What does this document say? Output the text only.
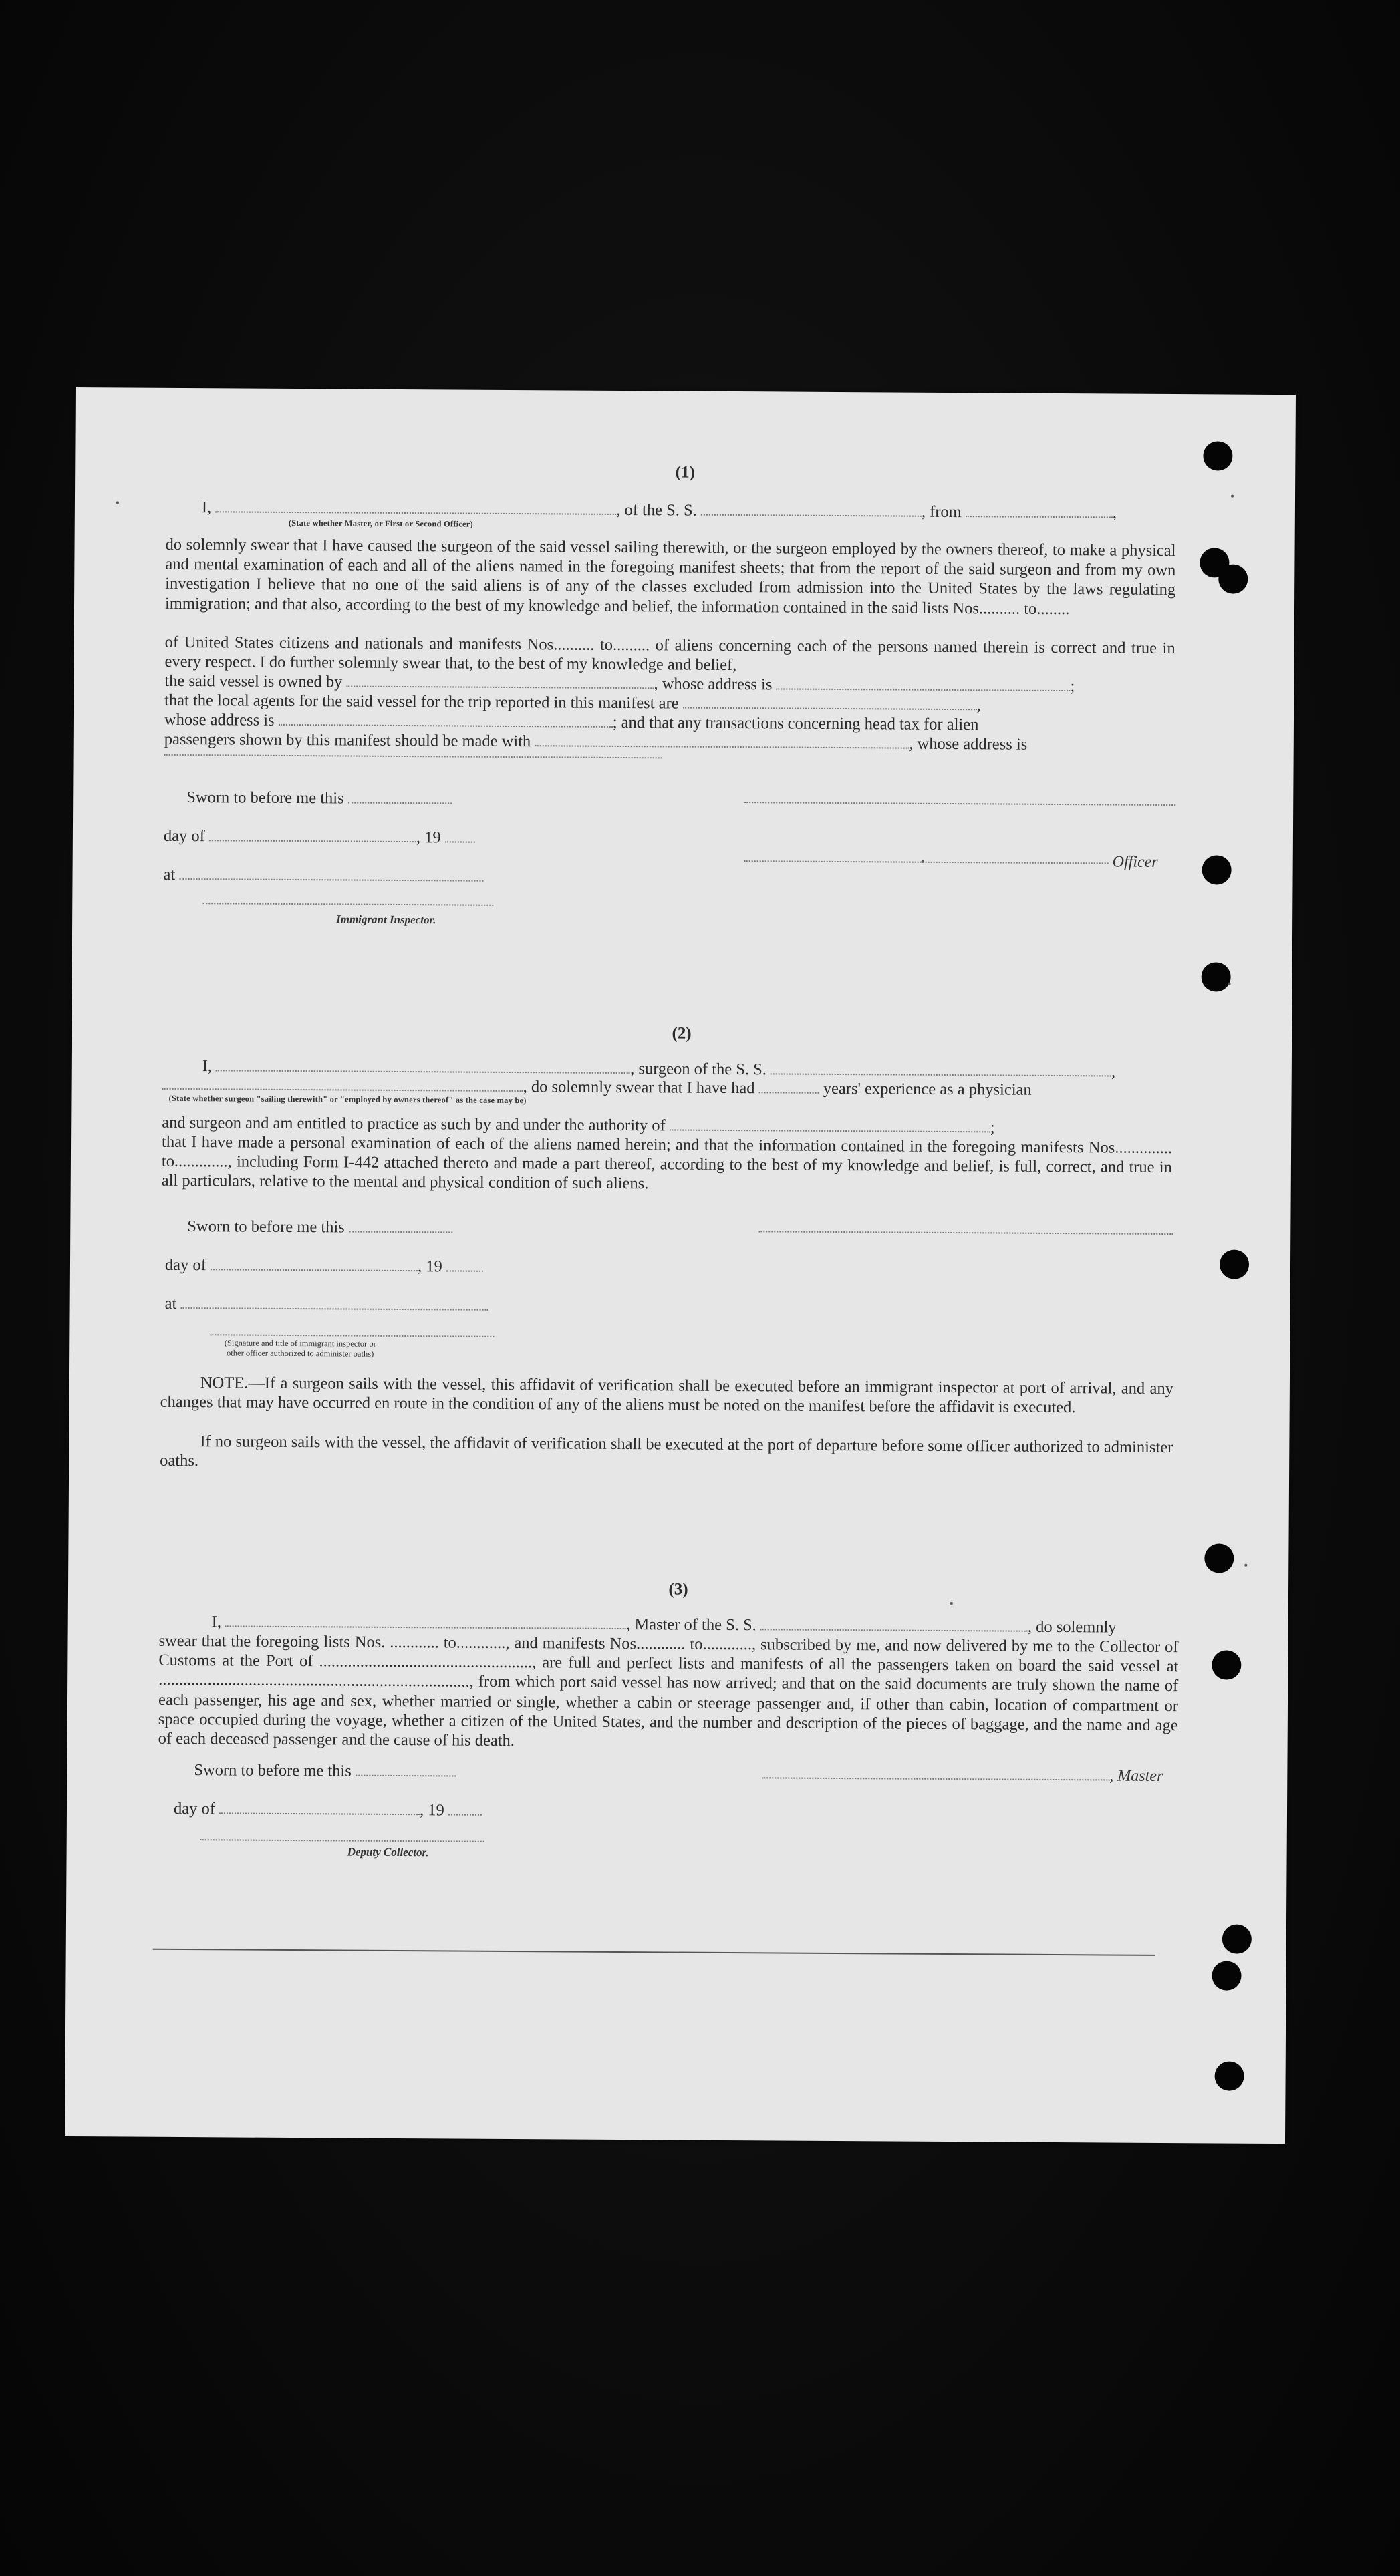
(1)
I,	, of the S. S.	, from	,
(State whether Master, or First or Second Officer)
do solemnly swear that I have caused the surgeon of the said vessel sailing therewith, or the surgeon employed by the owners thereof, to make a physical and mental examination of each and all of the aliens named in the foregoing manifest sheets; that from the report of the said surgeon and from my own investigation I believe that no one of the said aliens is of any of the classes excluded from admission into the United States by the laws regulating immigration; and that also, according to the best of my knowledge and belief, the information contained in the said lists Nos.......... to........
of United States citizens and nationals and manifests Nos.......... to......... of aliens concerning each of the persons named therein is correct and true in every respect. I do further solemnly swear that, to the best of my knowledge and belief,
the said vessel is owned by	, whose address is	;
that the local agents for the said vessel for the trip reported in this manifest are	,
whose address is	; and that any transactions concerning head tax for alien
passengers shown by this manifest should be made with	, whose address is
Sworn to before me this
day of	, 19
Officer
at
Immigrant Inspector.
(2)
I,	, surgeon of the S. S.	,
, do solemnly swear that I have had	years' experience as a physician
(State whether surgeon "sailing therewith" or "employed by owners thereof" as the case may be)
and surgeon and am entitled to practice as such by and under the authority of	;
that I have made a personal examination of each of the aliens named herein; and that the information contained in the foregoing manifests Nos.............. to............., including Form I-442 attached thereto and made a part thereof, according to the best of my knowledge and belief, is full, correct, and true in all particulars, relative to the mental and physical condition of such aliens.
Sworn to before me this
day of	, 19
at
(Signature and title of immigrant inspector or other officer authorized to administer oaths)
NOTE.—If a surgeon sails with the vessel, this affidavit of verification shall be executed before an immigrant inspector at port of arrival, and any changes that may have occurred en route in the condition of any of the aliens must be noted on the manifest before the affidavit is executed.
If no surgeon sails with the vessel, the affidavit of verification shall be executed at the port of departure before some officer authorized to administer oaths.
(3)
I,	, Master of the S. S.	, do solemnly
swear that the foregoing lists Nos. ............ to............, and manifests Nos............ to............, subscribed by me, and now delivered by me to the Collector of Customs at the Port of ...................................................., are full and perfect lists and manifests of all the passengers taken on board the said vessel at ............................................................................, from which port said vessel has now arrived; and that on the said documents are truly shown the name of each passenger, his age and sex, whether married or single, whether a cabin or steerage passenger and, if other than cabin, location of compartment or space occupied during the voyage, whether a citizen of the United States, and the number and description of the pieces of baggage, and the name and age of each deceased passenger and the cause of his death.
Sworn to before me this	, Master
day of	, 19
Deputy Collector.
